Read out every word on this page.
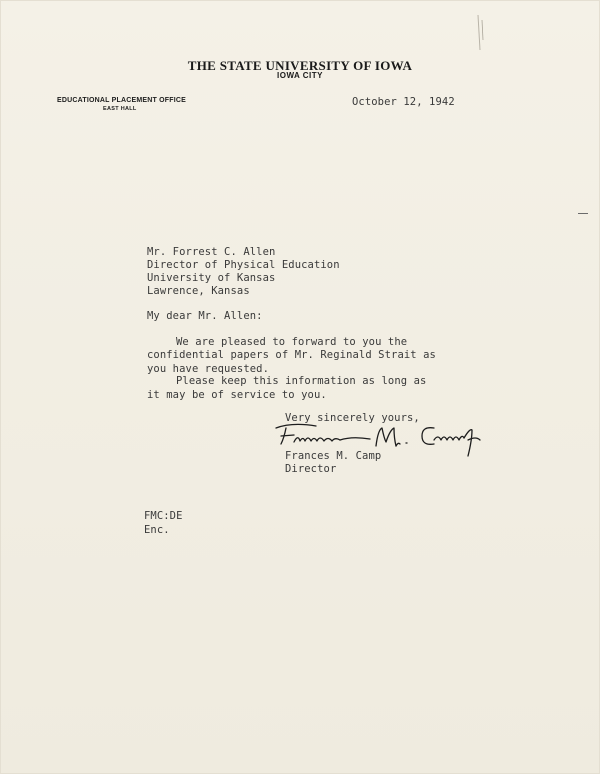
THE STATE UNIVERSITY OF IOWA
IOWA CITY
EDUCATIONAL PLACEMENT OFFICE
EAST HALL
October 12, 1942
Mr. Forrest C. Allen
Director of Physical Education
University of Kansas
Lawrence, Kansas
My dear Mr. Allen:
We are pleased to forward to you the
confidential papers of Mr. Reginald Strait as
you have requested.
Please keep this information as long as
it may be of service to you.
Very sincerely yours,
Frances M. Camp
Director
FMC:DE
Enc.
